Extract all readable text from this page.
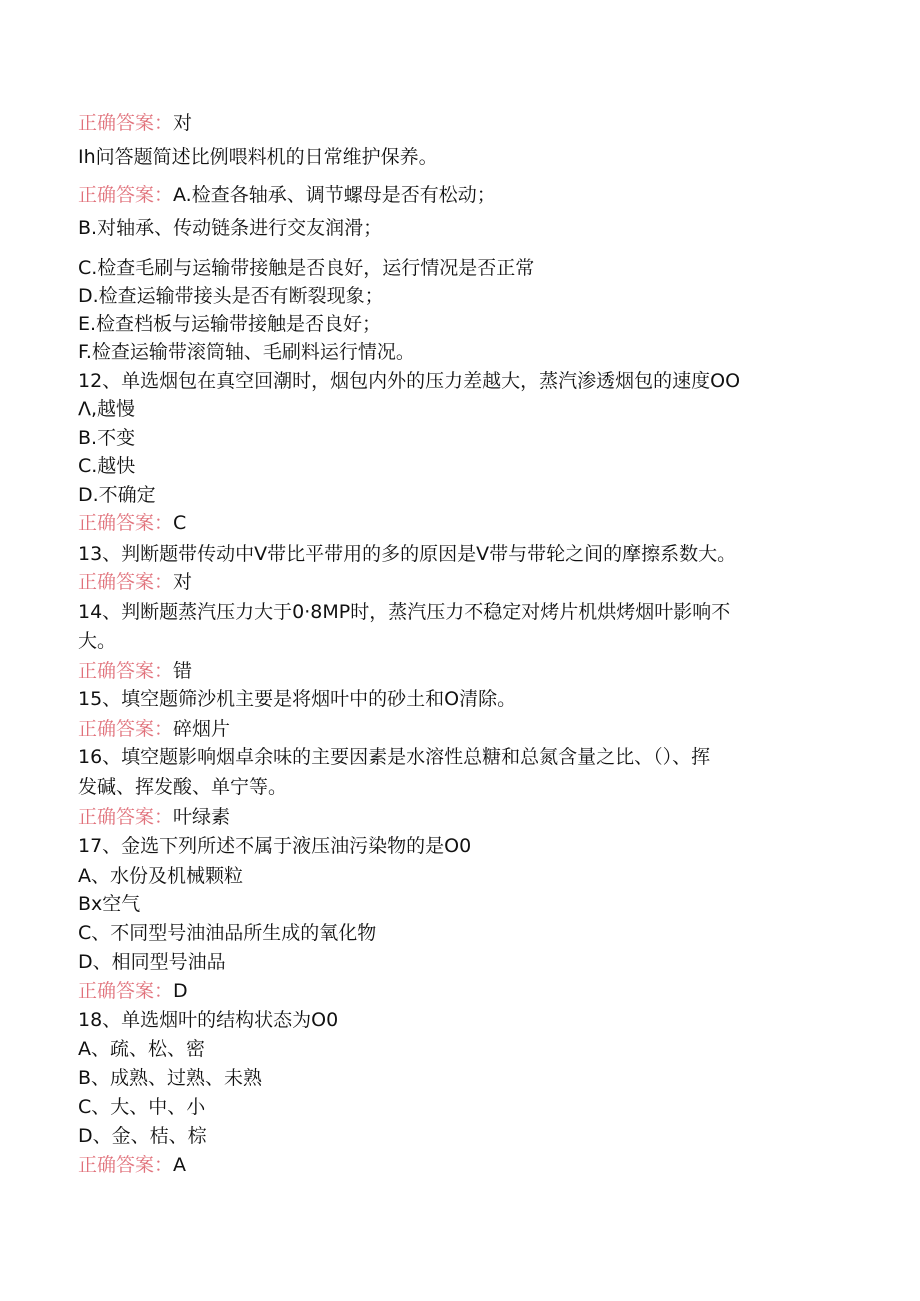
正确答案：对
Ih问答题简述比例喂料机的日常维护保养。
正确答案：A.检查各轴承、调节螺母是否有松动；
B.对轴承、传动链条进行交友润滑；
C.检查毛刷与运输带接触是否良好，运行情况是否正常
D.检查运输带接头是否有断裂现象；
E.检查档板与运输带接触是否良好；
F.检查运输带滚筒轴、毛刷料运行情况。
12、单选烟包在真空回潮时，烟包内外的压力差越大，蒸汽渗透烟包的速度OO
Λ,越慢
B.不变
C.越快
D.不确定
正确答案：C
13、判断题带传动中V带比平带用的多的原因是V带与带轮之间的摩擦系数大。
正确答案：对
14、判断题蒸汽压力大于0·8MP时，蒸汽压力不稳定对烤片机烘烤烟叶影响不
大。
正确答案：错
15、填空题筛沙机主要是将烟叶中的砂土和O清除。
正确答案：碎烟片
16、填空题影响烟卓余味的主要因素是水溶性总糖和总氮含量之比、（）、挥
发碱、挥发酸、单宁等。
正确答案：叶绿素
17、金选下列所述不属于液压油污染物的是O0
A、水份及机械颗粒
Bx空气
C、不同型号油油品所生成的氧化物
D、相同型号油品
正确答案：D
18、单选烟叶的结构状态为O0
A、疏、松、密
B、成熟、过熟、未熟
C、大、中、小
D、金、桔、棕
正确答案：A
